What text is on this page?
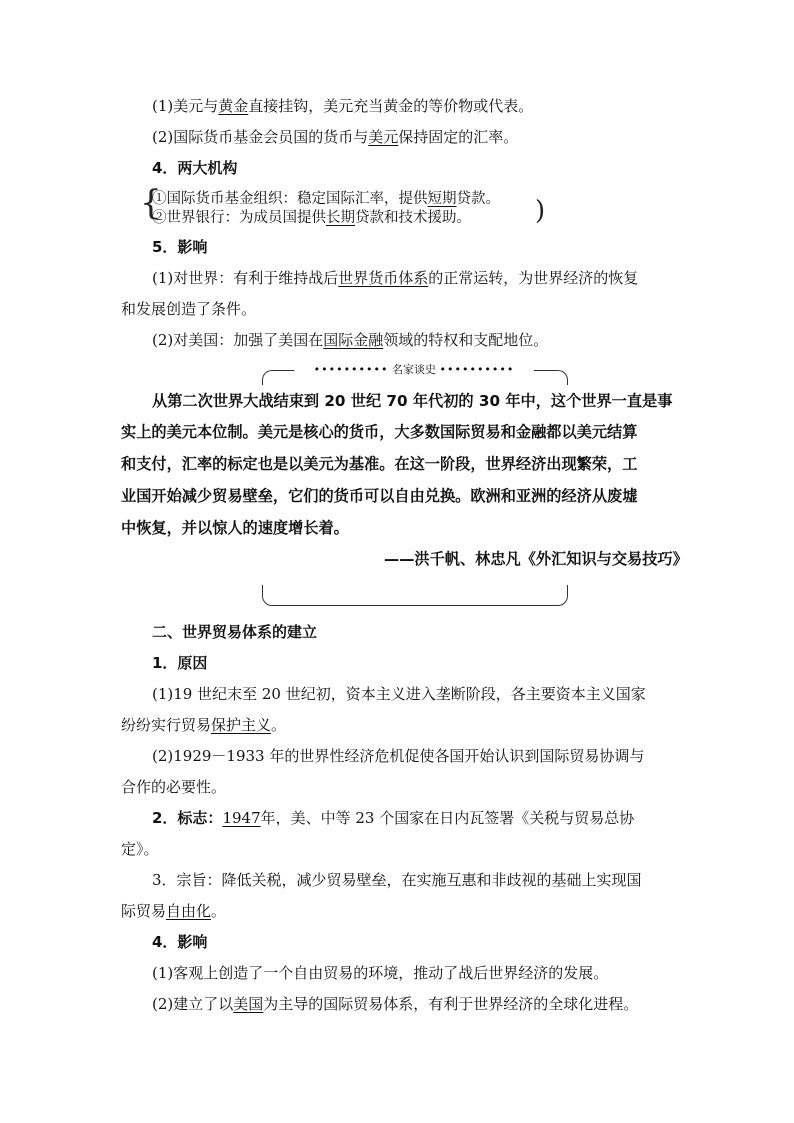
(1)美元与黄金直接挂钩，美元充当黄金的等价物或代表。
(2)国际货币基金会员国的货币与美元保持固定的汇率。
4．两大机构
{
①国际货币基金组织：稳定国际汇率，提供短期贷款。
②世界银行：为成员国提供长期贷款和技术援助。 )
5．影响
(1)对世界：有利于维持战后世界货币体系的正常运转，为世界经济的恢复
和发展创造了条件。
(2)对美国：加强了美国在国际金融领域的特权和支配地位。
•••••••••• 名家谈史 ••••••••••
从第二次世界大战结束到 20 世纪 70 年代初的 30 年中，这个世界一直是事
实上的美元本位制。美元是核心的货币，大多数国际贸易和金融都以美元结算
和支付，汇率的标定也是以美元为基准。在这一阶段，世界经济出现繁荣，工
业国开始减少贸易壁垒，它们的货币可以自由兑换。欧洲和亚洲的经济从废墟
中恢复，并以惊人的速度增长着。
——洪千帆、林忠凡《外汇知识与交易技巧》
二、世界贸易体系的建立
1．原因
(1)19 世纪末至 20 世纪初，资本主义进入垄断阶段，各主要资本主义国家
纷纷实行贸易保护主义。
(2)1929－1933 年的世界性经济危机促使各国开始认识到国际贸易协调与
合作的必要性。
2．标志：1947年，美、中等 23 个国家在日内瓦签署《关税与贸易总协
定》。
3．宗旨：降低关税，减少贸易壁垒，在实施互惠和非歧视的基础上实现国
际贸易自由化。
4．影响
(1)客观上创造了一个自由贸易的环境，推动了战后世界经济的发展。
(2)建立了以美国为主导的国际贸易体系，有利于世界经济的全球化进程。
